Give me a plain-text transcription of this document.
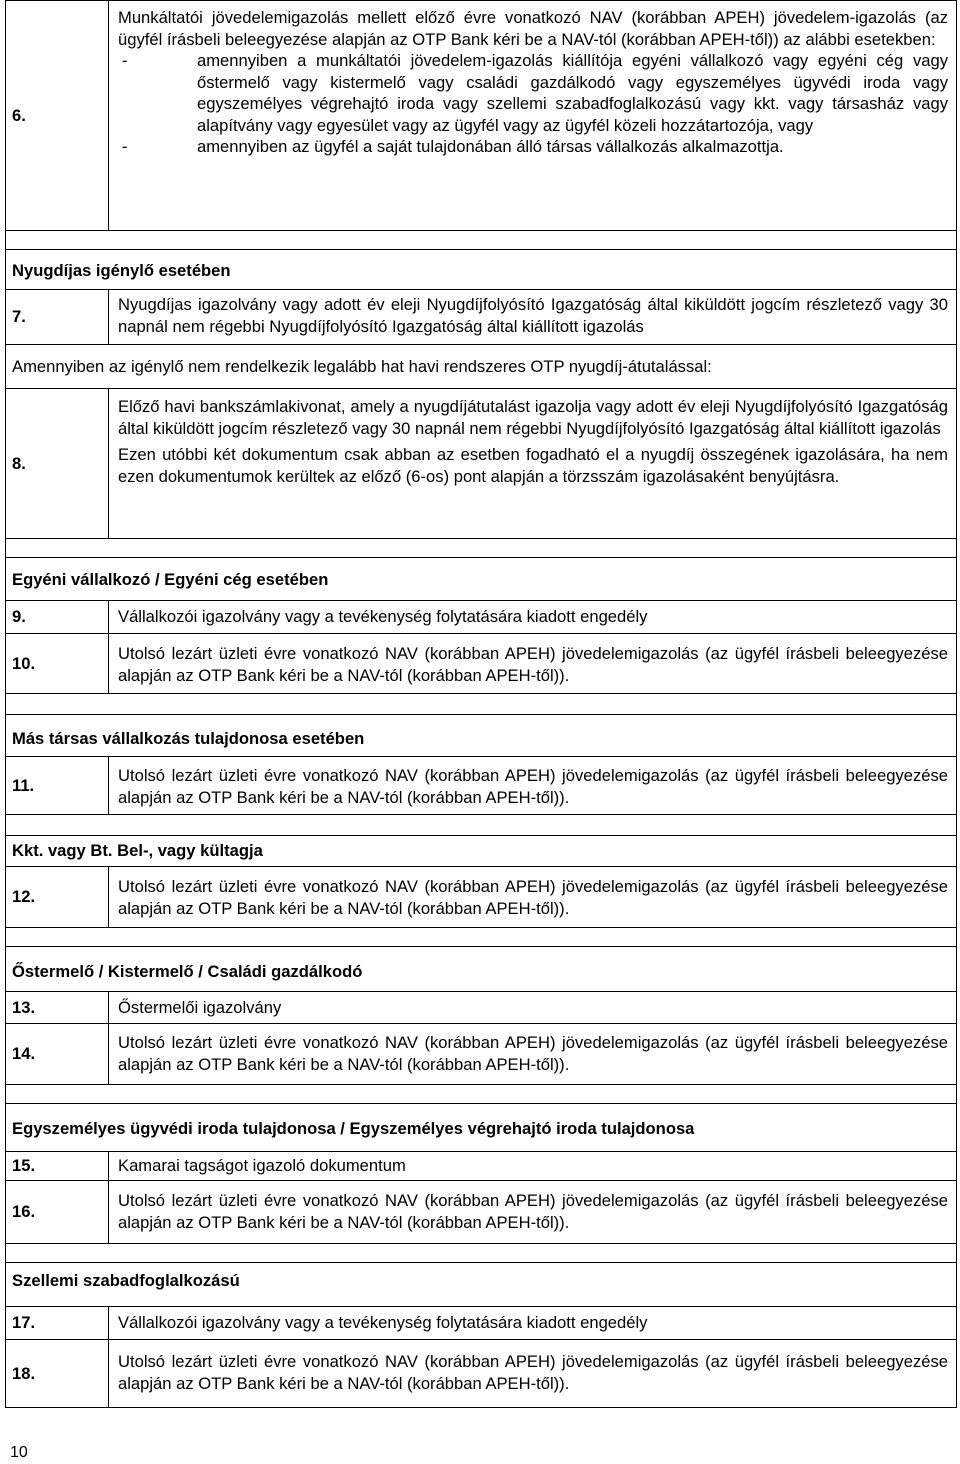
6.
Munkáltatói jövedelemigazolás mellett előző évre vonatkozó NAV (korábban APEH) jövedelem-igazolás (az ügyfél írásbeli beleegyezése alapján az OTP Bank kéri be a NAV-tól (korábban APEH-től)) az alábbi esetekben:
-	amennyiben a munkáltatói jövedelem-igazolás kiállítója egyéni vállalkozó vagy egyéni cég vagy őstermelő vagy kistermelő vagy családi gazdálkodó vagy egyszemélyes ügyvédi iroda vagy egyszemélyes végrehajtó iroda vagy szellemi szabadfoglalkozású vagy kkt. vagy társasház vagy alapítvány vagy egyesület vagy az ügyfél vagy az ügyfél közeli hozzátartozója, vagy
-	amennyiben az ügyfél a saját tulajdonában álló társas vállalkozás alkalmazottja.
Nyugdíjas igénylő esetében
7.
Nyugdíjas igazolvány vagy adott év eleji Nyugdíjfolyósító Igazgatóság által kiküldött jogcím részletező vagy 30 napnál nem régebbi Nyugdíjfolyósító Igazgatóság által kiállított igazolás
Amennyiben az igénylő nem rendelkezik legalább hat havi rendszeres OTP nyugdíj-átutalással:
8.
Előző havi bankszámlakivonat, amely a nyugdíjátutalást igazolja vagy adott év eleji Nyugdíjfolyósító Igazgatóság által kiküldött jogcím részletező vagy 30 napnál nem régebbi Nyugdíjfolyósító Igazgatóság által kiállított igazolás
Ezen utóbbi két dokumentum csak abban az esetben fogadható el a nyugdíj összegének igazolására, ha nem ezen dokumentumok kerültek az előző (6-os) pont alapján a törzsszám igazolásaként benyújtásra.
Egyéni vállalkozó / Egyéni cég esetében
9.	Vállalkozói igazolvány vagy a tevékenység folytatására kiadott engedély
10.	Utolsó lezárt üzleti évre vonatkozó NAV (korábban APEH) jövedelemigazolás (az ügyfél írásbeli beleegyezése alapján az OTP Bank kéri be a NAV-tól (korábban APEH-től)).
Más társas vállalkozás tulajdonosa esetében
11.	Utolsó lezárt üzleti évre vonatkozó NAV (korábban APEH) jövedelemigazolás (az ügyfél írásbeli beleegyezése alapján az OTP Bank kéri be a NAV-tól (korábban APEH-től)).
Kkt. vagy Bt. Bel-, vagy kültagja
12.
Utolsó lezárt üzleti évre vonatkozó NAV (korábban APEH) jövedelemigazolás (az ügyfél írásbeli beleegyezése alapján az OTP Bank kéri be a NAV-tól (korábban APEH-től)).
Őstermelő / Kistermelő / Családi gazdálkodó
13.	Őstermelői igazolvány
14.
Utolsó lezárt üzleti évre vonatkozó NAV (korábban APEH) jövedelemigazolás (az ügyfél írásbeli beleegyezése alapján az OTP Bank kéri be a NAV-tól (korábban APEH-től)).
Egyszemélyes ügyvédi iroda tulajdonosa / Egyszemélyes végrehajtó iroda tulajdonosa
15.	Kamarai tagságot igazoló dokumentum
16.
Utolsó lezárt üzleti évre vonatkozó NAV (korábban APEH) jövedelemigazolás (az ügyfél írásbeli beleegyezése alapján az OTP Bank kéri be a NAV-tól (korábban APEH-től)).
Szellemi szabadfoglalkozású
17.	Vállalkozói igazolvány vagy a tevékenység folytatására kiadott engedély
18.
Utolsó lezárt üzleti évre vonatkozó NAV (korábban APEH) jövedelemigazolás (az ügyfél írásbeli beleegyezése alapján az OTP Bank kéri be a NAV-tól (korábban APEH-től)).
10
